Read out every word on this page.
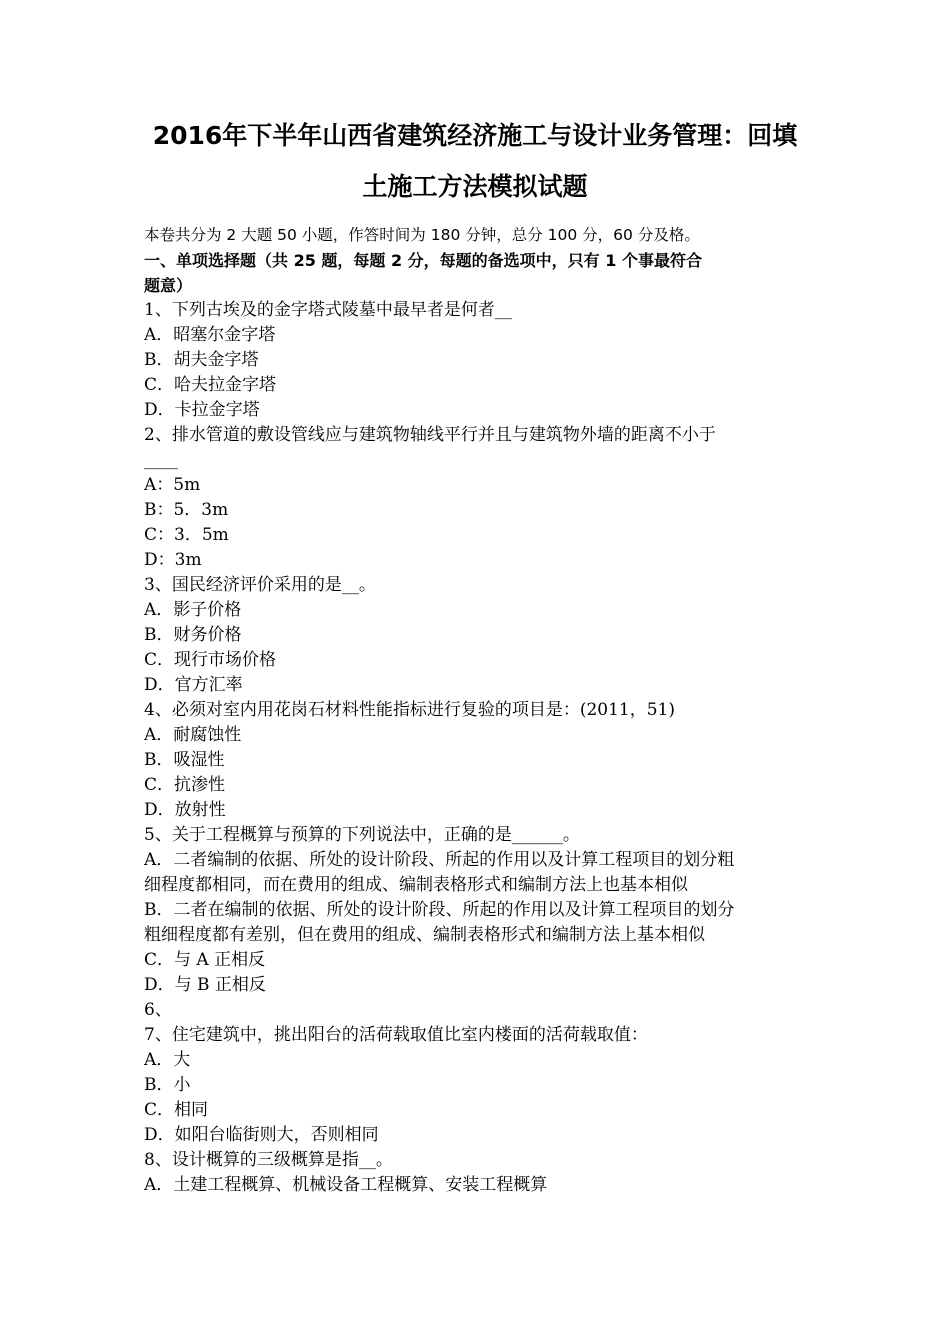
2016年下半年山西省建筑经济施工与设计业务管理：回填
土施工方法模拟试题
本卷共分为 2 大题 50 小题，作答时间为 180 分钟，总分 100 分，60 分及格。
一、单项选择题（共 25 题，每题 2 分，每题的备选项中，只有 1 个事最符合
题意）
1、下列古埃及的金字塔式陵墓中最早者是何者__
A．昭塞尔金字塔
B．胡夫金字塔
C．哈夫拉金字塔
D．卡拉金字塔
2、排水管道的敷设管线应与建筑物轴线平行并且与建筑物外墙的距离不小于
____
A：5m
B：5．3m
C：3．5m
D：3m
3、国民经济评价采用的是__。
A．影子价格
B．财务价格
C．现行市场价格
D．官方汇率
4、必须对室内用花岗石材料性能指标进行复验的项目是：(2011，51)
A．耐腐蚀性
B．吸湿性
C．抗渗性
D．放射性
5、关于工程概算与预算的下列说法中，正确的是______。
A．二者编制的依据、所处的设计阶段、所起的作用以及计算工程项目的划分粗
细程度都相同，而在费用的组成、编制表格形式和编制方法上也基本相似
B．二者在编制的依据、所处的设计阶段、所起的作用以及计算工程项目的划分
粗细程度都有差别，但在费用的组成、编制表格形式和编制方法上基本相似
C．与 A 正相反
D．与 B 正相反
6、
7、住宅建筑中，挑出阳台的活荷载取值比室内楼面的活荷载取值：
A．大
B．小
C．相同
D．如阳台临街则大，否则相同
8、设计概算的三级概算是指__。
A．土建工程概算、机械设备工程概算、安装工程概算
